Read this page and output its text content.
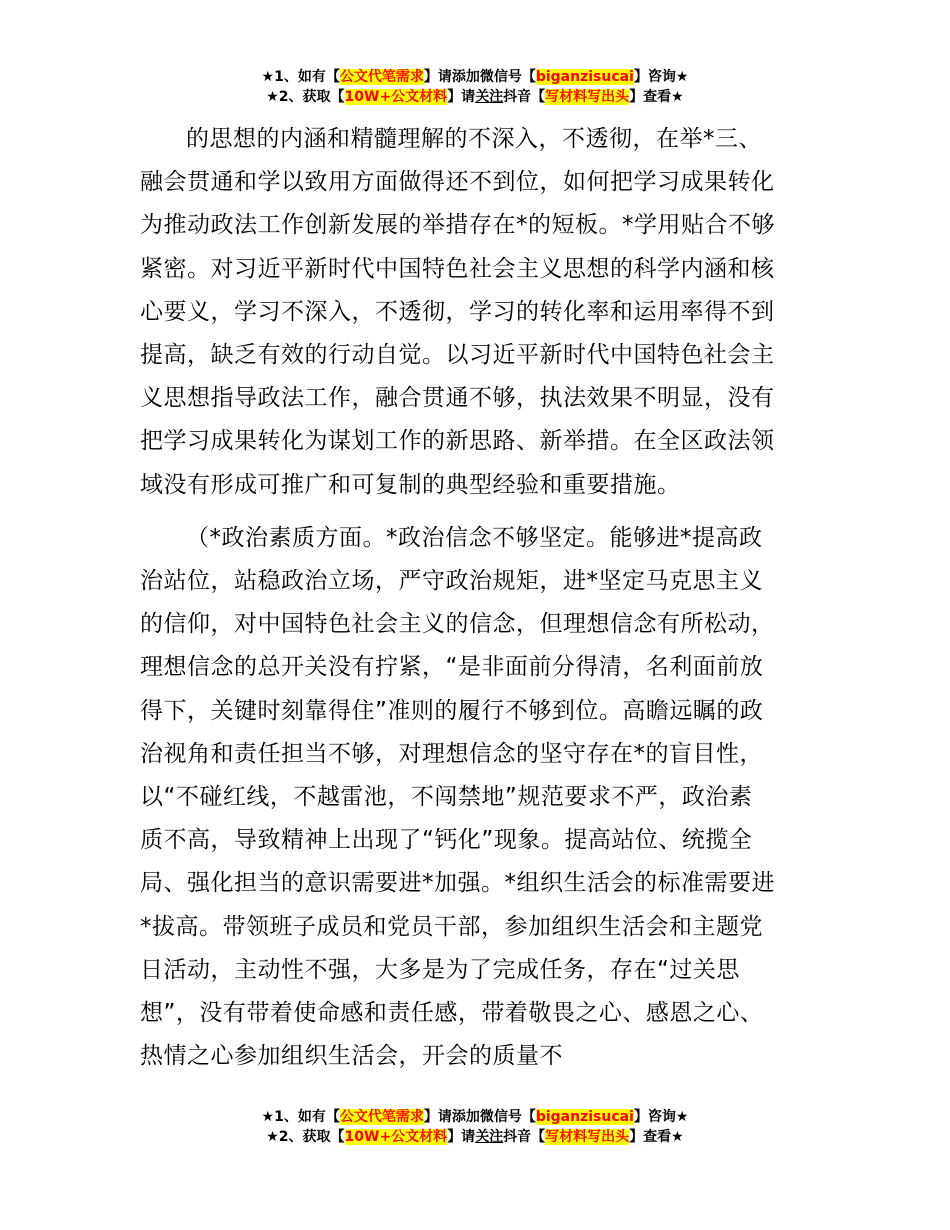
★1、如有【公文代笔需求】请添加微信号【biganzisucai】咨询★
★2、获取【10W+公文材料】请关注抖音【写材料写出头】查看★

的思想的内涵和精髓理解的不深入，不透彻，在举*三、
融会贯通和学以致用方面做得还不到位，如何把学习成果转化
为推动政法工作创新发展的举措存在*的短板。*学用贴合不够
紧密。对习近平新时代中国特色社会主义思想的科学内涵和核
心要义，学习不深入，不透彻，学习的转化率和运用率得不到
提高，缺乏有效的行动自觉。以习近平新时代中国特色社会主
义思想指导政法工作，融合贯通不够，执法效果不明显，没有
把学习成果转化为谋划工作的新思路、新举措。在全区政法领
域没有形成可推广和可复制的典型经验和重要措施。

（*政治素质方面。*政治信念不够坚定。能够进*提高政
治站位，站稳政治立场，严守政治规矩，进*坚定马克思主义
的信仰，对中国特色社会主义的信念，但理想信念有所松动，
理想信念的总开关没有拧紧，“是非面前分得清，名利面前放
得下，关键时刻靠得住”准则的履行不够到位。高瞻远瞩的政
治视角和责任担当不够，对理想信念的坚守存在*的盲目性，
以“不碰红线，不越雷池，不闯禁地”规范要求不严，政治素
质不高，导致精神上出现了“钙化”现象。提高站位、统揽全
局、强化担当的意识需要进*加强。*组织生活会的标准需要进
*拔高。带领班子成员和党员干部，参加组织生活会和主题党
日活动，主动性不强，大多是为了完成任务，存在“过关思
想”，没有带着使命感和责任感，带着敬畏之心、感恩之心、
热情之心参加组织生活会，开会的质量不

★1、如有【公文代笔需求】请添加微信号【biganzisucai】咨询★
★2、获取【10W+公文材料】请关注抖音【写材料写出头】查看★
